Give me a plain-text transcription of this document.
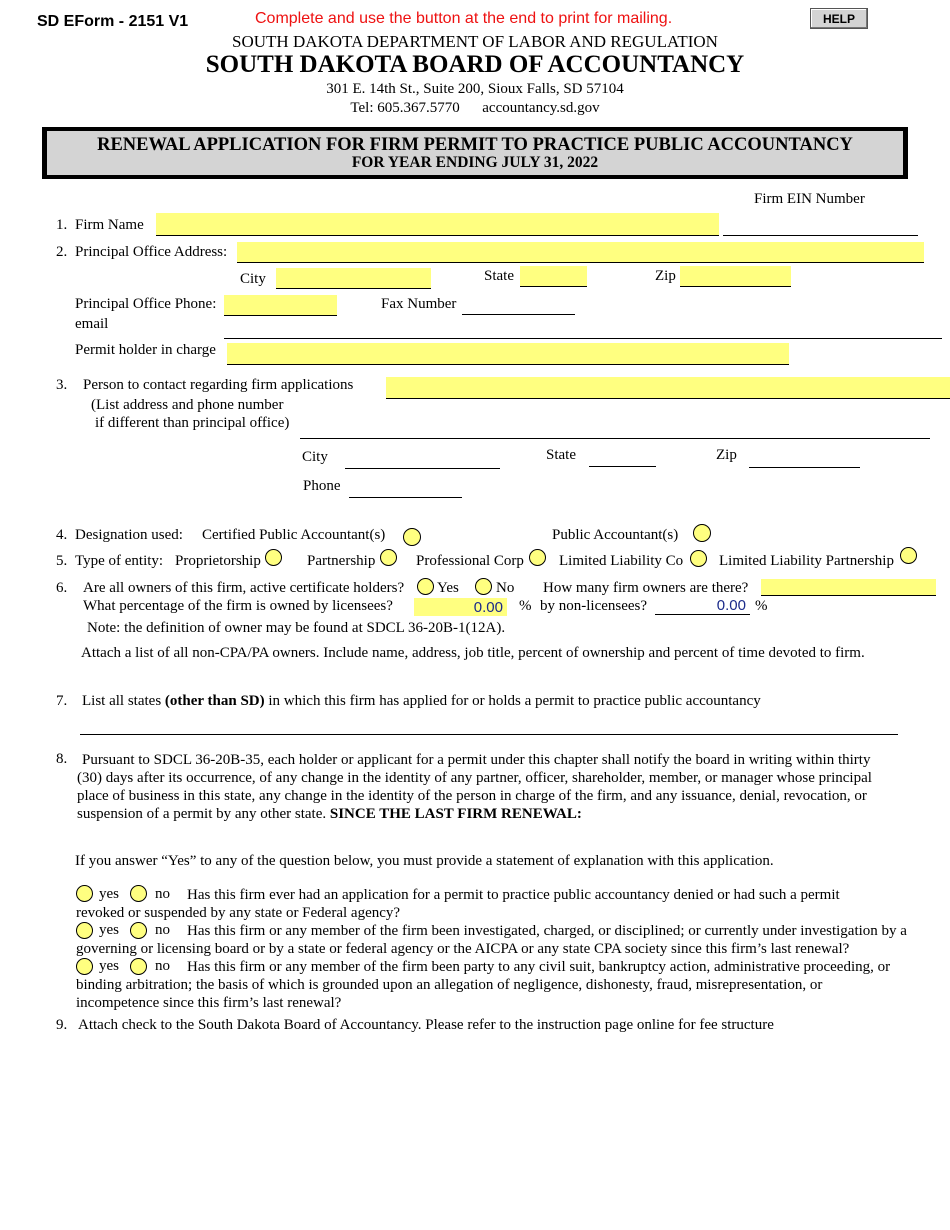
SD EForm - 2151 V1	Complete and use the button at the end to print for mailing.	HELP
SOUTH DAKOTA DEPARTMENT OF LABOR AND REGULATION
SOUTH DAKOTA BOARD OF ACCOUNTANCY
301 E. 14th St., Suite 200, Sioux Falls, SD 57104
Tel: 605.367.5770      accountancy.sd.gov
RENEWAL APPLICATION FOR FIRM PERMIT TO PRACTICE PUBLIC ACCOUNTANCY
FOR YEAR ENDING JULY 31, 2022
Firm EIN Number
1. Firm Name
2. Principal Office Address:
City	State	Zip
Principal Office Phone:	Fax Number
email
Permit holder in charge
3. Person to contact regarding firm applications
(List address and phone number
if different than principal office)
City	State	Zip
Phone
4. Designation used: Certified Public Accountant(s)	Public Accountant(s)
5. Type of entity: Proprietorship	Partnership	Professional Corp Limited Liability Co Limited Liability Partnership
6. Are all owners of this firm, active certificate holders? Yes No How many firm owners are there?
What percentage of the firm is owned by licensees?	0.00 % by non-licensees?	0.00 %
Note: the definition of owner may be found at SDCL 36-20B-1(12A).
Attach a list of all non-CPA/PA owners. Include name, address, job title, percent of ownership and percent of time devoted to firm.
7. List all states (other than SD) in which this firm has applied for or holds a permit to practice public accountancy
8. Pursuant to SDCL 36-20B-35, each holder or applicant for a permit under this chapter shall notify the board in writing within thirty (30) days after its occurrence, of any change in the identity of any partner, officer, shareholder, member, or manager whose principal place of business in this state, any change in the identity of the person in charge of the firm, and any issuance, denial, revocation, or suspension of a permit by any other state. SINCE THE LAST FIRM RENEWAL:
If you answer “Yes” to any of the question below, you must provide a statement of explanation with this application.
yes no	Has this firm ever had an application for a permit to practice public accountancy denied or had such a permit revoked or suspended by any state or Federal agency?
yes no	Has this firm or any member of the firm been investigated, charged, or disciplined; or currently under investigation by a governing or licensing board or by a state or federal agency or the AICPA or any state CPA society since this firm’s last renewal?
yes no	Has this firm or any member of the firm been party to any civil suit, bankruptcy action, administrative proceeding, or binding arbitration; the basis of which is grounded upon an allegation of negligence, dishonesty, fraud, misrepresentation, or incompetence since this firm’s last renewal?
9. Attach check to the South Dakota Board of Accountancy. Please refer to the instruction page online for fee structure
